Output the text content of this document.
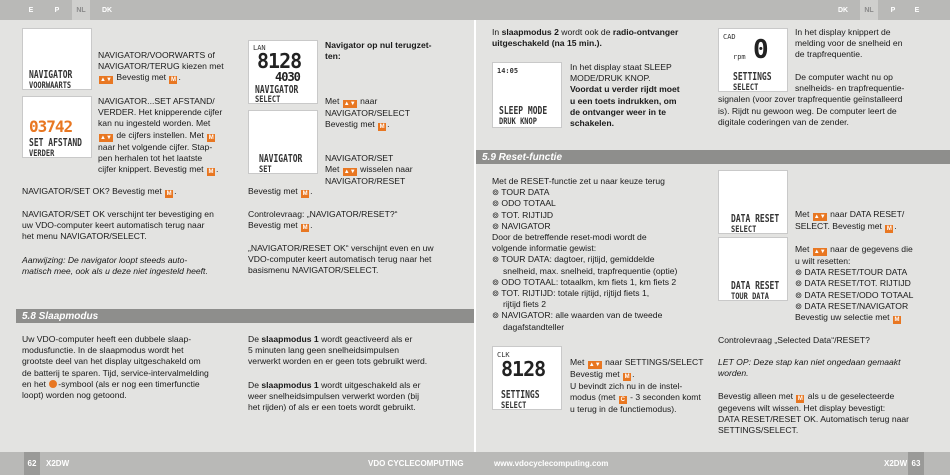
E	P	NL	DK	DK	NL	P	E
62	X2DW	VDO CYCLECOMPUTING	www.vdocyclecomputing.com	X2DW 63
NAVIGATOR
VOORWAARTS
03742
SET AFSTAND
VERDER

NAVIGATOR/VOORWARTS of
NAVIGATOR/TERUG kiezen met
▲▼ Bevestig met M .

NAVIGATOR...SET AFSTAND/
VERDER. Het knipperende cijfer
kan nu ingesteld worden. Met
▲▼ de cijfers instellen. Met M
naar het volgende cijfer. Stap-
pen herhalen tot het laatste
cijfer knippert. Bevestig met M .

NAVIGATOR/SET OK? Bevestig met M .

NAVIGATOR/SET OK verschijnt ter bevestiging en
uw VDO-computer keert automatisch terug naar
het menu NAVIGATOR/SELECT.

Aanwijzing: De navigator loopt steeds auto-
matisch mee, ook als u deze niet ingesteld heeft.

LAN
8128
4030
NAVIGATOR
SELECT
NAVIGATOR
SET

Navigator op nul terugzet-
ten:

Met ▲▼ naar
NAVIGATOR/SELECT
Bevestig met M .

NAVIGATOR/SET
Met ▲▼ wisselen naar
NAVIGATOR/RESET

Bevestig met M .

Controlevraag: „NAVIGATOR/RESET?“
Bevestig met M .

„NAVIGATOR/RESET OK“ verschijnt even en uw
VDO-computer keert automatisch terug naar het
basismenu NAVIGATOR/SELECT.

5.8 Slaapmodus

Uw VDO-computer heeft een dubbele slaap-
modusfunctie. In de slaapmodus wordt het
grootste deel van het display uitgeschakeld om
de batterij te sparen. Tijd, service-intervalmelding
en het -symbool (als er nog een timerfunctie
loopt) worden nog getoond.

De slaapmodus 1 wordt geactiveerd als er
5 minuten lang geen snelheidsimpulsen
verwerkt worden en er geen tots gebruikt werd.

De slaapmodus 1 wordt uitgeschakeld als er
weer snelheidsimpulsen verwerkt worden (bij
het rijden) of als er een toets wordt gebruikt.

In slaapmodus 2 wordt ook de radio-ontvanger
uitgeschakeld (na 15 min.).

14:05
SLEEP MODE
DRUK KNOP

In het display staat SLEEP
MODE/DRUK KNOP.
Voordat u verder rijdt moet
u een toets indrukken, om
de ontvanger weer in te
schakelen.

CAD 0
rpm
SETTINGS
SELECT

In het display knippert de
melding voor de snelheid en
de trapfrequentie.

De computer wacht nu op
snelheids- en trapfrequentie-
signalen (voor zover trapfrequentie geïnstalleerd
is). Rijdt nu gewoon weg. De computer leert de
digitale coderingen van de zender.

5.9 Reset-functie

Met de RESET-functie zet u naar keuze terug
⊚ TOUR DATA
⊚ ODO TOTAAL
⊚ TOT. RIJTIJD
⊚ NAVIGATOR
Door de betreffende reset-modi wordt de
volgende informatie gewist:
⊚ TOUR DATA: dagtoer, rijtijd, gemiddelde
snelheid, max. snelheid, trapfrequentie (optie)
⊚ ODO TOTAAL: totaalkm, km fiets 1, km fiets 2
⊚ TOT. RIJTIJD: totale rijtijd, rijtijd fiets 1,
rijtijd fiets 2
⊚ NAVIGATOR: alle waarden van de tweede
dagafstandteller

CLK
8128
SETTINGS
SELECT

Met ▲▼ naar SETTINGS/SELECT
Bevestig met M .
U bevindt zich nu in de instel-
modus (met C - 3 seconden komt
u terug in de functiemodus).

DATA RESET
SELECT
DATA RESET
TOUR DATA

Met ▲▼ naar DATA RESET/
SELECT. Bevestig met M .

Met ▲▼ naar de gegevens die
u wilt resetten:
⊚ DATA RESET/TOUR DATA
⊚ DATA RESET/TOT. RIJTIJD
⊚ DATA RESET/ODO TOTAAL
⊚ DATA RESET/NAVIGATOR
Bevestig uw selectie met M

Controlevraag „Selected Data“/RESET?

LET OP: Deze stap kan niet ongedaan gemaakt
worden.

Bevestig alleen met M als u de geselecteerde
gegevens wilt wissen. Het display bevestigt:
DATA RESET/RESET OK. Automatisch terug naar
SETTINGS/SELECT.
